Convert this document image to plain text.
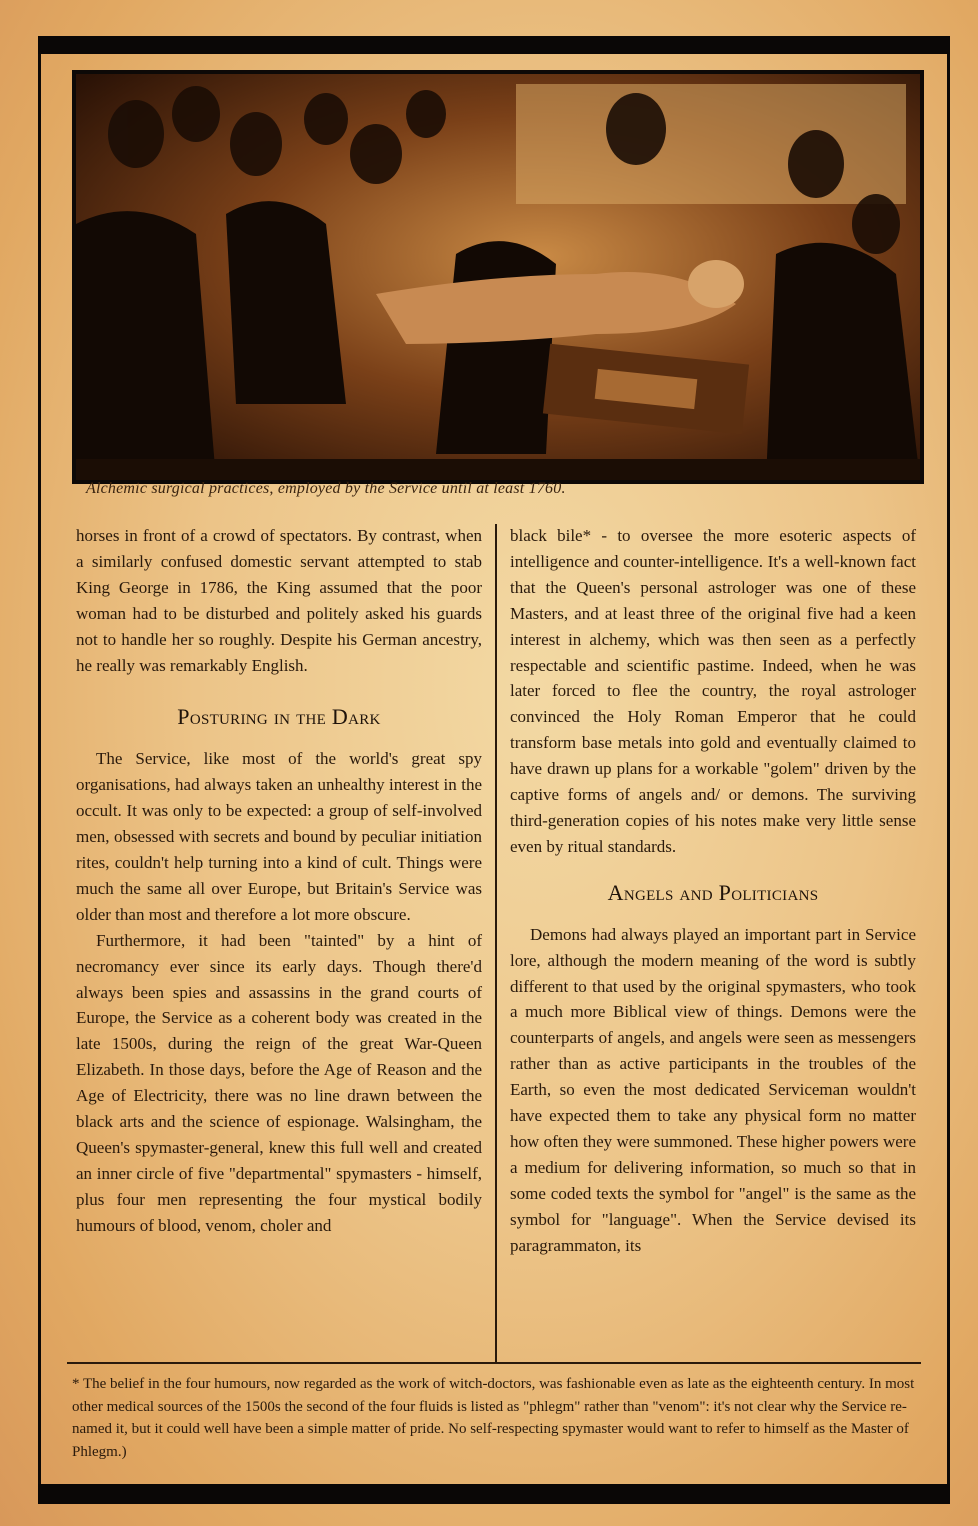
Alchemic surgical practices, employed by the Service until at least 1760.

horses in front of a crowd of spectators. By contrast, when a similarly confused domestic servant attempted to stab King George in 1786, the King assumed that the poor woman had to be disturbed and politely asked his guards not to handle her so roughly. Despite his German ancestry, he really was remarkably English.

Posturing in the Dark

The Service, like most of the world's great spy organisations, had always taken an unhealthy interest in the occult. It was only to be expected: a group of self-involved men, obsessed with secrets and bound by peculiar initiation rites, couldn't help turning into a kind of cult. Things were much the same all over Europe, but Britain's Service was older than most and therefore a lot more obscure.

Furthermore, it had been "tainted" by a hint of necromancy ever since its early days. Though there'd always been spies and assassins in the grand courts of Europe, the Service as a coherent body was created in the late 1500s, during the reign of the great War-Queen Elizabeth. In those days, before the Age of Reason and the Age of Electricity, there was no line drawn between the black arts and the science of espionage. Walsingham, the Queen's spymaster-general, knew this full well and created an inner circle of five "departmental" spymasters - himself, plus four men representing the four mystical bodily humours of blood, venom, choler and

black bile* - to oversee the more esoteric aspects of intelligence and counter-intelligence. It's a well-known fact that the Queen's personal astrologer was one of these Masters, and at least three of the original five had a keen interest in alchemy, which was then seen as a perfectly respectable and scientific pastime. Indeed, when he was later forced to flee the country, the royal astrologer convinced the Holy Roman Emperor that he could transform base metals into gold and eventually claimed to have drawn up plans for a workable "golem" driven by the captive forms of angels and/ or demons. The surviving third-generation copies of his notes make very little sense even by ritual standards.

Angels and Politicians

Demons had always played an important part in Service lore, although the modern meaning of the word is subtly different to that used by the original spymasters, who took a much more Biblical view of things. Demons were the counterparts of angels, and angels were seen as messengers rather than as active participants in the troubles of the Earth, so even the most dedicated Serviceman wouldn't have expected them to take any physical form no matter how often they were summoned. These higher powers were a medium for delivering information, so much so that in some coded texts the symbol for "angel" is the same as the symbol for "language". When the Service devised its paragrammaton, its

* The belief in the four humours, now regarded as the work of witch-doctors, was fashionable even as late as the eighteenth century. In most other medical sources of the 1500s the second of the four fluids is listed as "phlegm" rather than "venom": it's not clear why the Service re-named it, but it could well have been a simple matter of pride. No self-respecting spymaster would want to refer to himself as the Master of Phlegm.)
